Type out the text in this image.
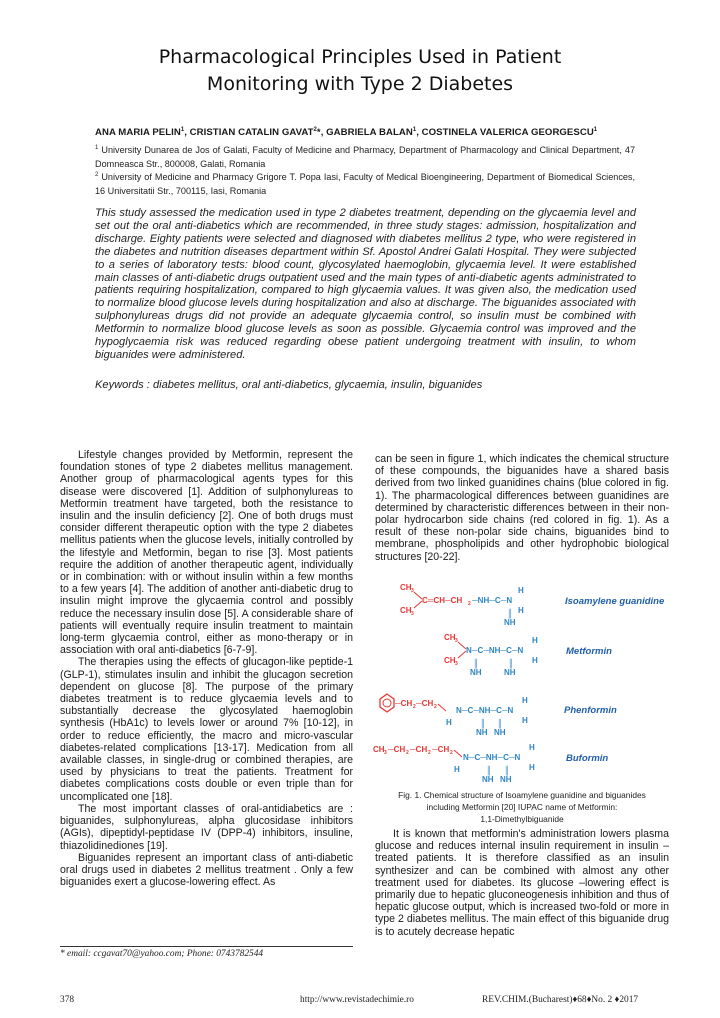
Pharmacological Principles Used in Patient
Monitoring with Type 2 Diabetes
ANA MARIA PELIN$^1$, CRISTIAN CATALIN GAVAT$^2$*, GABRIELA BALAN$^1$, COSTINELA VALERICA GEORGESCU$^1$
$^1$ University Dunarea de Jos of Galati, Faculty of Medicine and Pharmacy, Department of Pharmacology and Clinical Department, 47 Domneasca Str., 800008, Galati, Romania
$^2$ University of Medicine and Pharmacy Grigore T. Popa Iasi, Faculty of Medical Bioengineering, Department of Biomedical Sciences, 16 Universitatii Str., 700115, Iasi, Romania
This study assessed the medication used in type 2 diabetes treatment, depending on the glycaemia level and set out the oral anti-diabetics which are recommended, in three study stages: admission, hospitalization and discharge. Eighty patients were selected and diagnosed with diabetes mellitus 2 type, who were registered in the diabetes and nutrition diseases department within Sf. Apostol Andrei Galati Hospital. They were subjected to a series of laboratory tests: blood count, glycosylated haemoglobin, glycaemia level. It were established main classes of anti-diabetic drugs outpatient used and the main types of anti-diabetic agents administrated to patients requiring hospitalization, compared to high glycaemia values. It was given also, the medication used to normalize blood glucose levels during hospitalization and also at discharge. The biguanides associated with sulphonylureas drugs did not provide an adequate glycaemia control, so insulin must be combined with Metformin to normalize blood glucose levels as soon as possible. Glycaemia control was improved and the hypoglycaemia risk was reduced regarding obese patient undergoing treatment with insulin, to whom biguanides were administered.
Keywords : diabetes mellitus, oral anti-diabetics, glycaemia, insulin, biguanides

Lifestyle changes provided by Metformin, represent the foundation stones of type 2 diabetes mellitus management. Another group of pharmacological agents types for this disease were discovered [1]. Addition of sulphonylureas to Metformin treatment have targeted, both the resistance to insulin and the insulin deficiency [2]. One of both drugs must consider different therapeutic option with the type 2 diabetes mellitus patients when the glucose levels, initially controlled by the lifestyle and Metformin, began to rise [3]. Most patients require the addition of another therapeutic agent, individually or in combination: with or without insulin within a few months to a few years [4]. The addition of another anti-diabetic drug to insulin might improve the glycaemia control and possibly reduce the necessary insulin dose [5]. A considerable share of patients will eventually require insulin treatment to maintain long-term glycaemia control, either as mono-therapy or in association with oral anti-diabetics [6-7-9].

The therapies using the effects of glucagon-like peptide-1 (GLP-1), stimulates insulin and inhibit the glucagon secretion dependent on glucose [8]. The purpose of the primary diabetes treatment is to reduce glycaemia levels and to substantially decrease the glycosylated haemoglobin synthesis (HbA1c) to levels lower or around 7% [10-12], in order to reduce efficiently, the macro and micro-vascular diabetes-related complications [13-17]. Medication from all available classes, in single-drug or combined therapies, are used by physicians to treat the patients. Treatment for diabetes complications costs double or even triple than for uncomplicated one [18].

The most important classes of oral-antidiabetics are : biguanides, sulphonylureas, alpha glucosidase inhibitors (AGIs), dipeptidyl-peptidase IV (DPP-4) inhibitors, insuline, thiazolidinediones [19].

Biguanides represent an important class of anti-diabetic oral drugs used in diabetes 2 mellitus treatment . Only a few biguanides exert a glucose-lowering effect. As

can be seen in figure 1, which indicates the chemical structure of these compounds, the biguanides have a shared basis derived from two linked guanidines chains (blue colored in fig. 1). The pharmacological differences between guanidines are determined by characteristic differences between in their non-polar hydrocarbon side chains (red colored in fig. 1). As a result of these non-polar side chains, biguanides bind to membrane, phospholipids and other hydrophobic biological structures [20-22].

CH 3
CH 3
C═CH─CH 2 ─NH─C─N
H
H
║
NH
CH 3
CH 3
N─C─NH─C─N
H
H
║	║
NH	NH
─CH 2 ─CH 2 N─C─NH─C─N
H
H
H
║ ║
NH NH
CH 3 ─CH 2 ─CH 2 ─CH 2 N─C─NH─C─N
H
H
H
║ ║
NH NH
Isoamylene guanidine
Metformin
Phenformin
Buformin
Fig. 1. Chemical structure of Isoamylene guanidine and biguanides
including Metformin [20] IUPAC name of Metformin:
1,1-Dimethylbiguanide

It is known that metformin's administration lowers plasma glucose and reduces internal insulin requirement in insulin – treated patients. It is therefore classified as an insulin synthesizer and can be combined with almost any other treatment used for diabetes. Its glucose –lowering effect is primarily due to hepatic gluconeogenesis inhibition and thus of hepatic glucose output, which is increased two-fold or more in type 2 diabetes mellitus. The main effect of this biguanide drug is to acutely decrease hepatic

* email: ccgavat70@yahoo.com; Phone: 0743782544
378	http://www.revistadechimie.ro	REV.CHIM.(Bucharest)♦68♦No. 2 ♦2017
